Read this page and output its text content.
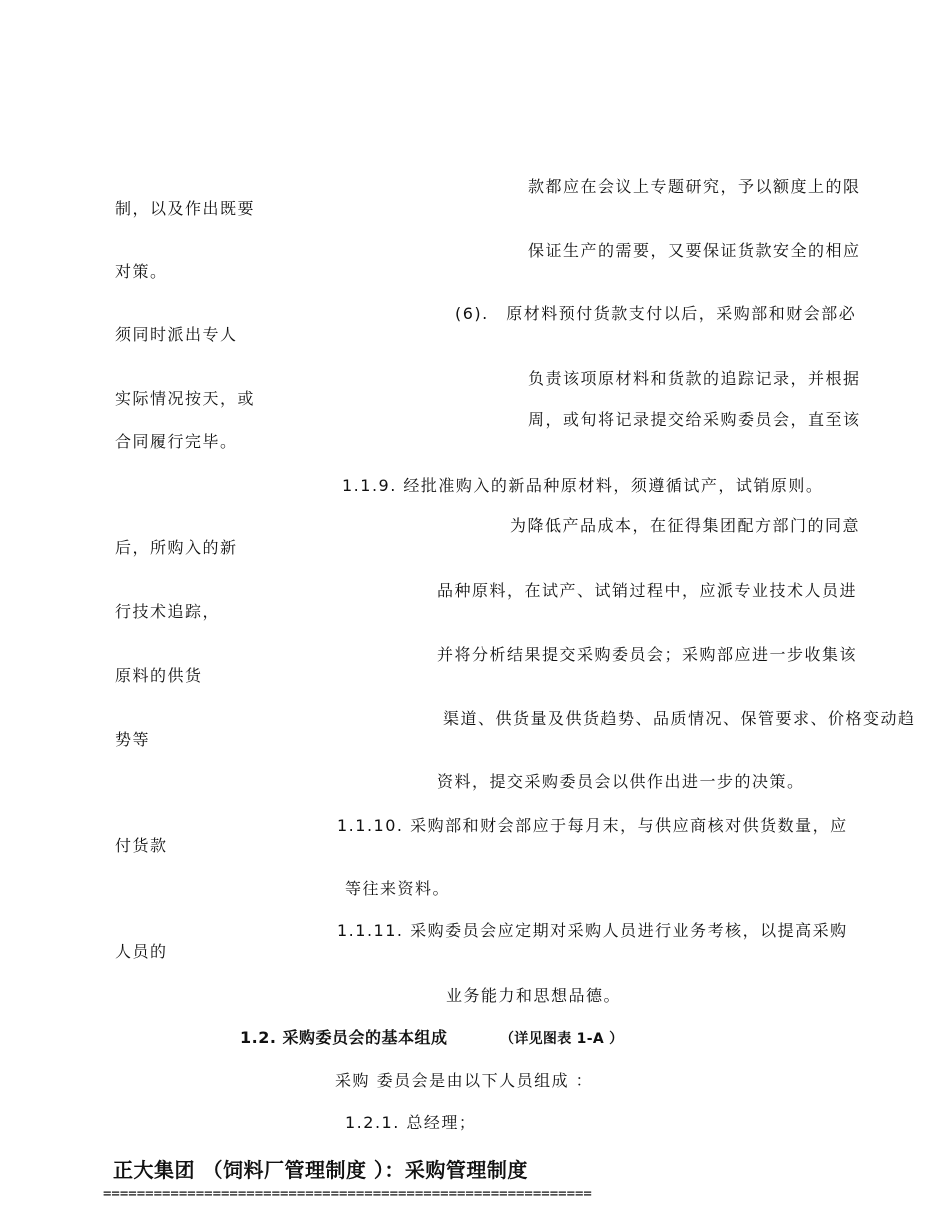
款都应在会议上专题研究，予以额度上的限
保证生产的需要，又要保证货款安全的相应
(6).　原材料预付货款支付以后，采购部和财会部必
负责该项原材料和货款的追踪记录，并根据
周，或旬将记录提交给采购委员会，直至该
1.1.9. 经批准购入的新品种原材料，须遵循试产，试销原则。
为降低产品成本，在征得集团配方部门的同意
品种原料，在试产、试销过程中，应派专业技术人员进
并将分析结果提交采购委员会；采购部应进一步收集该
渠道、供货量及供货趋势、品质情况、保管要求、价格变动趋
资料，提交采购委员会以供作出进一步的决策。
1.1.10. 采购部和财会部应于每月末，与供应商核对供货数量，应
等往来资料。
1.1.11. 采购委员会应定期对采购人员进行业务考核，以提高采购
业务能力和思想品德。
制，以及作出既要
对策。
须同时派出专人
实际情况按天，或
合同履行完毕。
后，所购入的新
行技术追踪，
原料的供货
势等
付货款
人员的
1.2. 采购委员会的基本组成	（详见图表 1-A ）
采购 委员会是由以下人员组成 ：
1.2.1. 总经理；
正大集团 （饲料厂管理制度 ）：采购管理制度
==========================================================
